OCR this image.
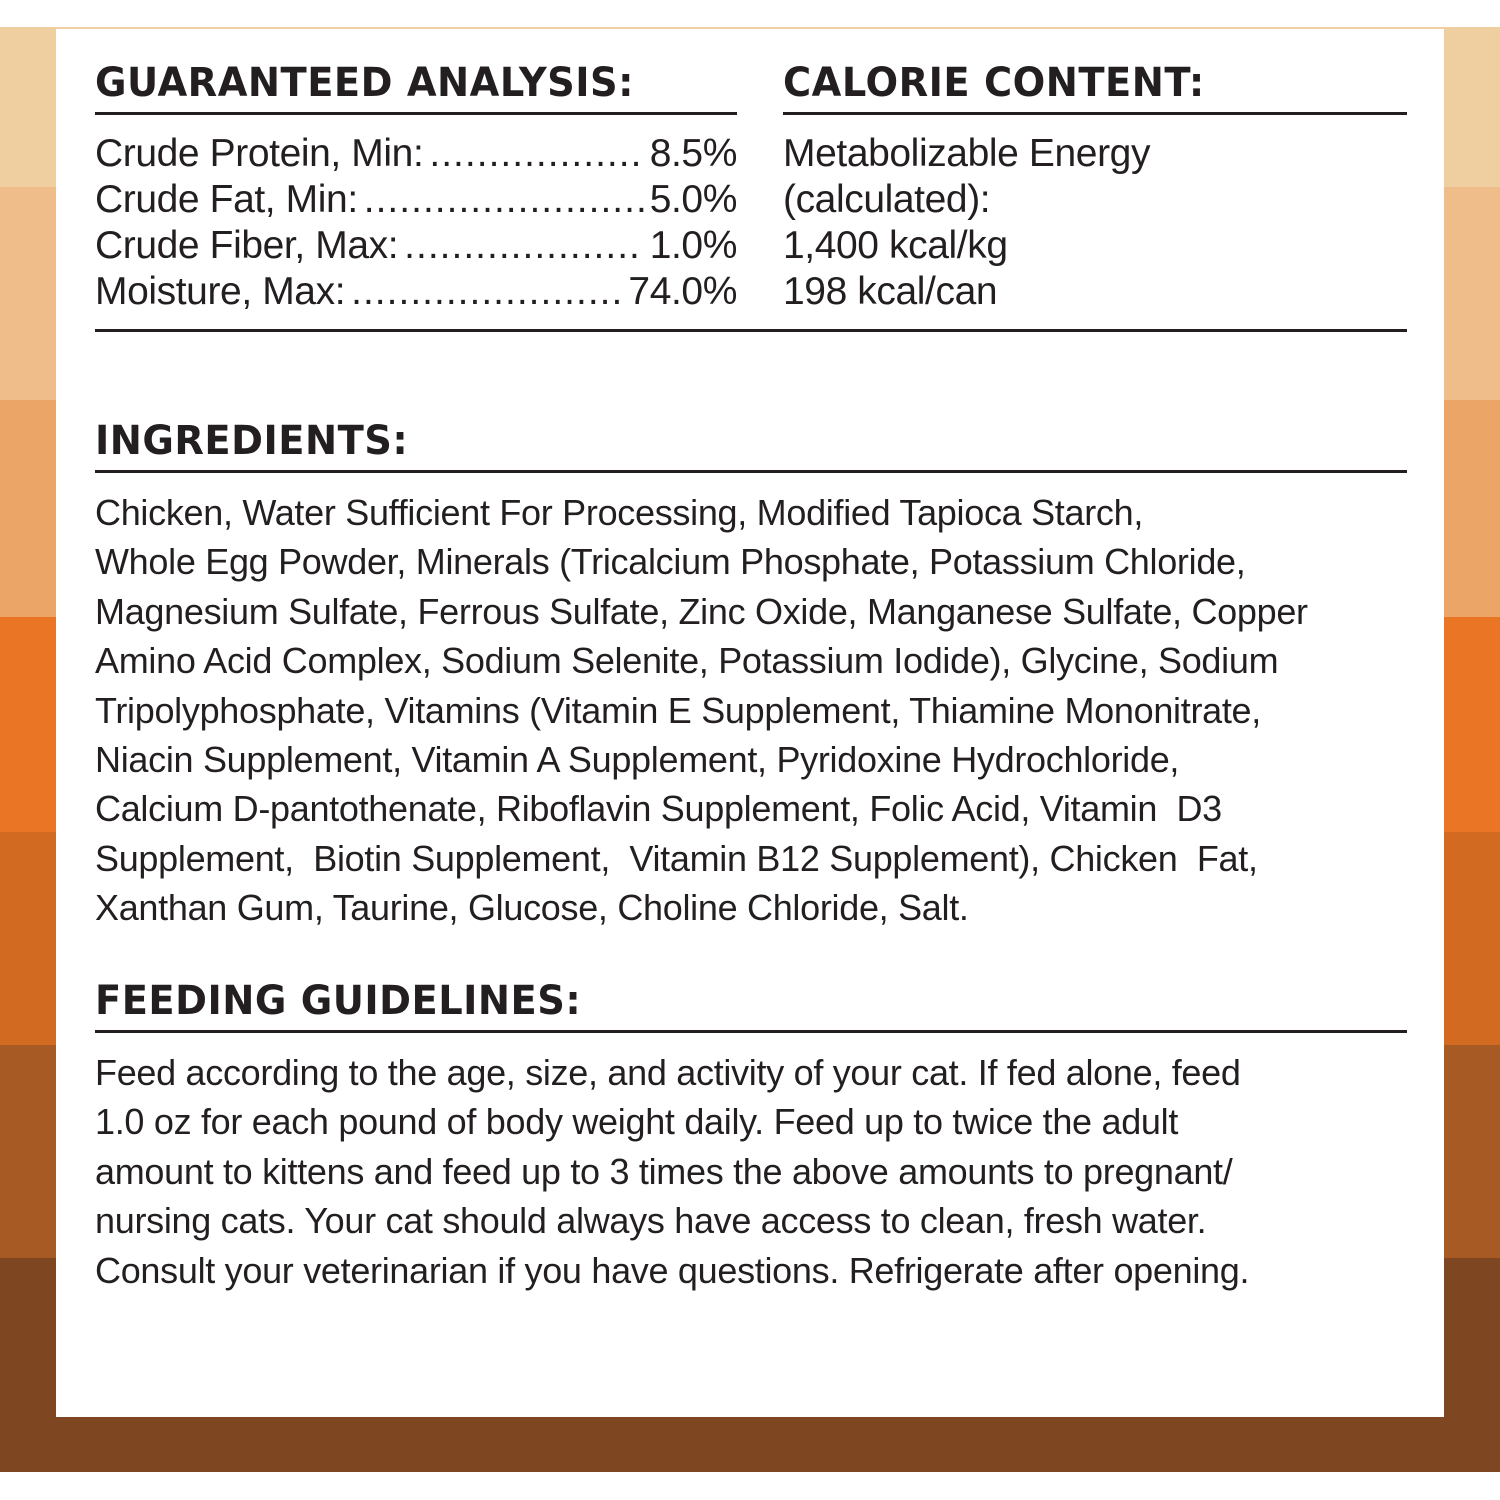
GUARANTEED ANALYSIS:
Crude Protein, Min: .....	8.5%
Crude Fat, Min: .....	5.0%
Crude Fiber, Max: .....	1.0%
Moisture, Max: .....	74.0%
CALORIE CONTENT:
Metabolizable Energy
(calculated):
1,400 kcal/kg
198 kcal/can
INGREDIENTS:
Chicken, Water Sufficient For Processing, Modified Tapioca Starch,
Whole Egg Powder, Minerals (Tricalcium Phosphate, Potassium Chloride,
Magnesium Sulfate, Ferrous Sulfate, Zinc Oxide, Manganese Sulfate, Copper
Amino Acid Complex, Sodium Selenite, Potassium Iodide), Glycine, Sodium
Tripolyphosphate, Vitamins (Vitamin E Supplement, Thiamine Mononitrate,
Niacin Supplement, Vitamin A Supplement, Pyridoxine Hydrochloride,
Calcium D-pantothenate, Riboflavin Supplement, Folic Acid, Vitamin  D3
Supplement,  Biotin Supplement,  Vitamin B12 Supplement), Chicken  Fat,
Xanthan Gum, Taurine, Glucose, Choline Chloride, Salt.
FEEDING GUIDELINES:
Feed according to the age, size, and activity of your cat. If fed alone, feed
1.0 oz for each pound of body weight daily. Feed up to twice the adult
amount to kittens and feed up to 3 times the above amounts to pregnant/
nursing cats. Your cat should always have access to clean, fresh water.
Consult your veterinarian if you have questions. Refrigerate after opening.
